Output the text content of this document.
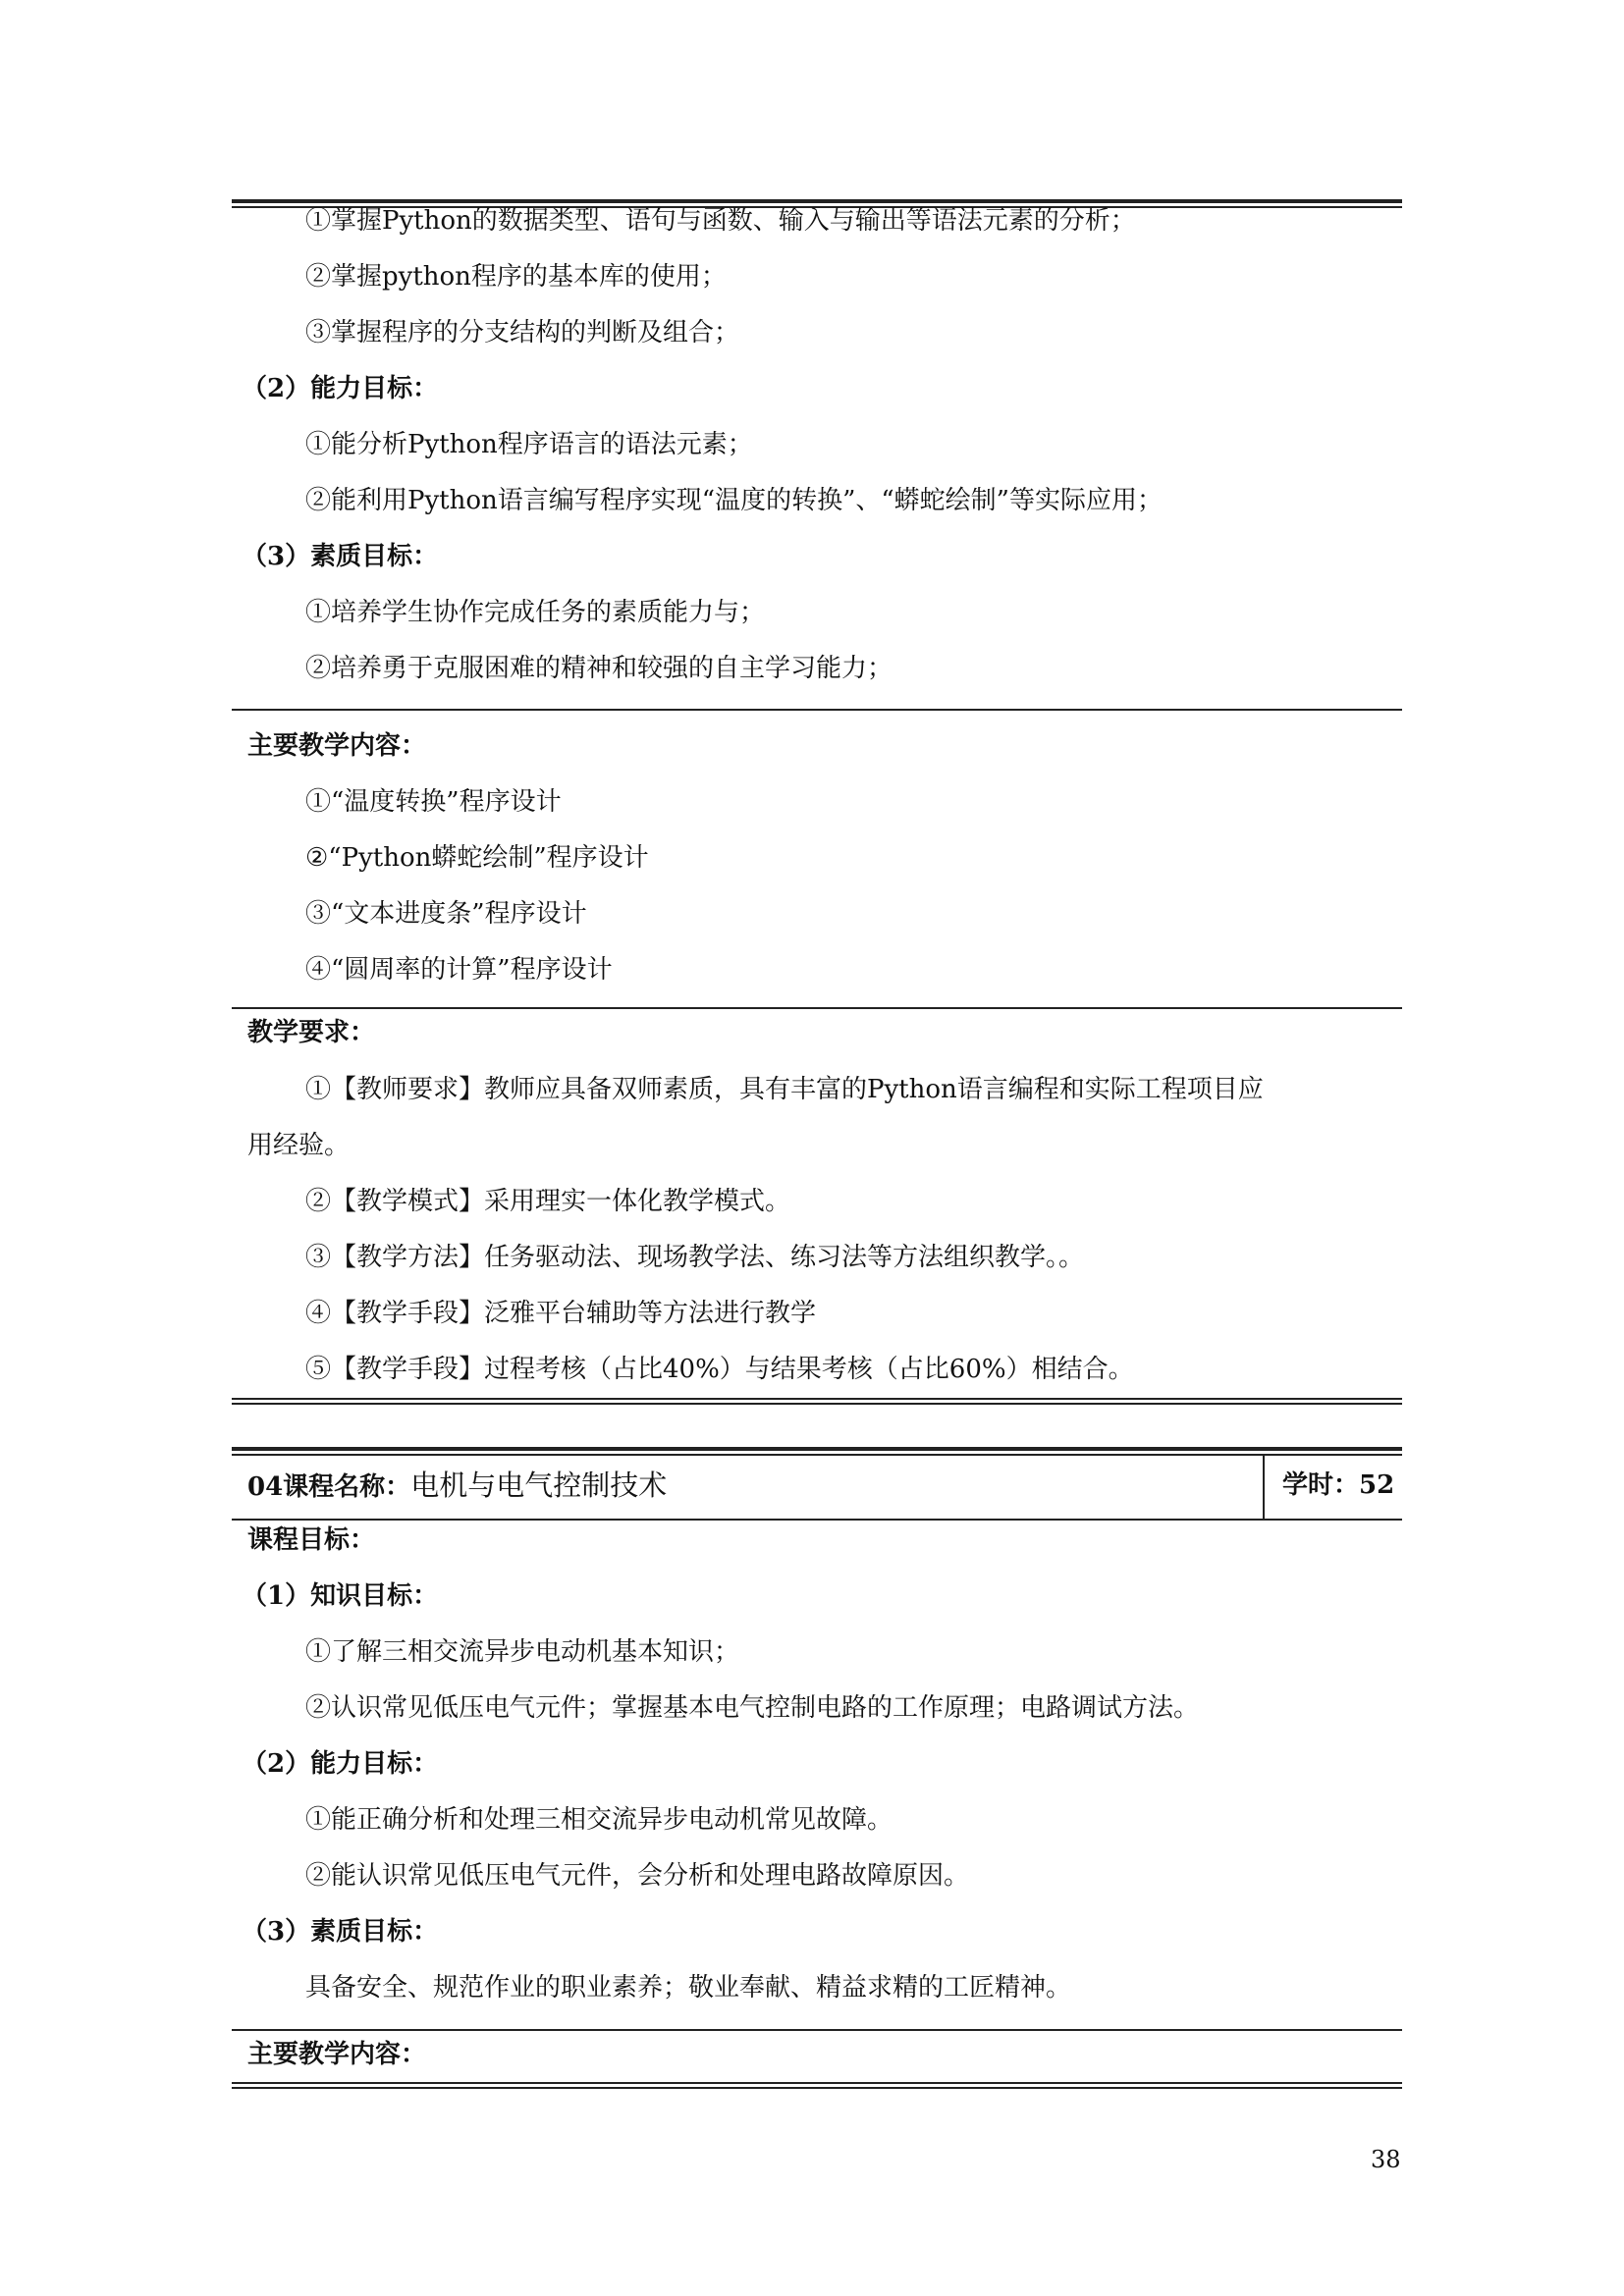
①掌握Python的数据类型、语句与函数、输入与输出等语法元素的分析；
②掌握python程序的基本库的使用；
③掌握程序的分支结构的判断及组合；
（2）能力目标：
①能分析Python程序语言的语法元素；
②能利用Python语言编写程序实现“温度的转换”、“蟒蛇绘制”等实际应用；
（3）素质目标：
①培养学生协作完成任务的素质能力与；
②培养勇于克服困难的精神和较强的自主学习能力；
主要教学内容：
①“温度转换”程序设计
②“Python蟒蛇绘制”程序设计
③“文本进度条”程序设计
④“圆周率的计算”程序设计
教学要求：
①【教师要求】教师应具备双师素质，具有丰富的Python语言编程和实际工程项目应
用经验。
②【教学模式】采用理实一体化教学模式。
③【教学方法】任务驱动法、现场教学法、练习法等方法组织教学。。
④【教学手段】泛雅平台辅助等方法进行教学
⑤【教学手段】过程考核（占比40%）与结果考核（占比60%）相结合。
04课程名称：电机与电气控制技术	学时：52
课程目标：
（1）知识目标：
①了解三相交流异步电动机基本知识；
②认识常见低压电气元件；掌握基本电气控制电路的工作原理；电路调试方法。
（2）能力目标：
①能正确分析和处理三相交流异步电动机常见故障。
②能认识常见低压电气元件，会分析和处理电路故障原因。
（3）素质目标：
具备安全、规范作业的职业素养；敬业奉献、精益求精的工匠精神。
主要教学内容：
38
